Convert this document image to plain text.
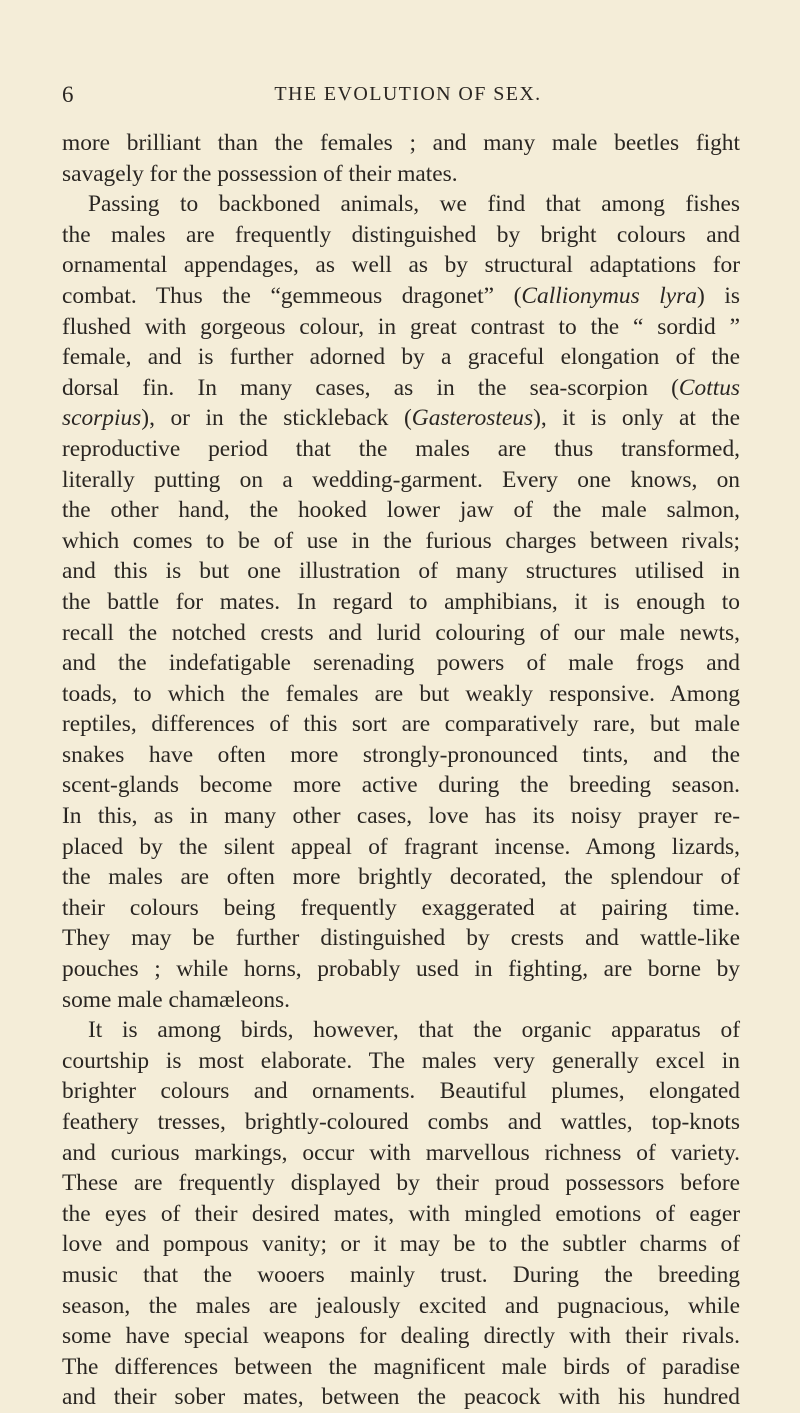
6	THE EVOLUTION OF SEX.
more brilliant than the females ; and many male beetles fight
savagely for the possession of their mates.
Passing to backboned animals, we find that among fishes
the males are frequently distinguished by bright colours and
ornamental appendages, as well as by structural adaptations for
combat. Thus the “gemmeous dragonet” (Callionymus lyra) is
flushed with gorgeous colour, in great contrast to the “ sordid ”
female, and is further adorned by a graceful elongation of the
dorsal fin. In many cases, as in the sea-scorpion (Cottus
scorpius), or in the stickleback (Gasterosteus), it is only at the
reproductive period that the males are thus transformed,
literally putting on a wedding-garment. Every one knows, on
the other hand, the hooked lower jaw of the male salmon,
which comes to be of use in the furious charges between rivals;
and this is but one illustration of many structures utilised in
the battle for mates. In regard to amphibians, it is enough to
recall the notched crests and lurid colouring of our male newts,
and the indefatigable serenading powers of male frogs and
toads, to which the females are but weakly responsive. Among
reptiles, differences of this sort are comparatively rare, but male
snakes have often more strongly-pronounced tints, and the
scent-glands become more active during the breeding season.
In this, as in many other cases, love has its noisy prayer re-
placed by the silent appeal of fragrant incense. Among lizards,
the males are often more brightly decorated, the splendour of
their colours being frequently exaggerated at pairing time.
They may be further distinguished by crests and wattle-like
pouches ; while horns, probably used in fighting, are borne by
some male chamæleons.
It is among birds, however, that the organic apparatus of
courtship is most elaborate. The males very generally excel in
brighter colours and ornaments. Beautiful plumes, elongated
feathery tresses, brightly-coloured combs and wattles, top-knots
and curious markings, occur with marvellous richness of variety.
These are frequently displayed by their proud possessors before
the eyes of their desired mates, with mingled emotions of eager
love and pompous vanity; or it may be to the subtler charms of
music that the wooers mainly trust. During the breeding
season, the males are jealously excited and pugnacious, while
some have special weapons for dealing directly with their rivals.
The differences between the magnificent male birds of paradise
and their sober mates, between the peacock with his hundred
